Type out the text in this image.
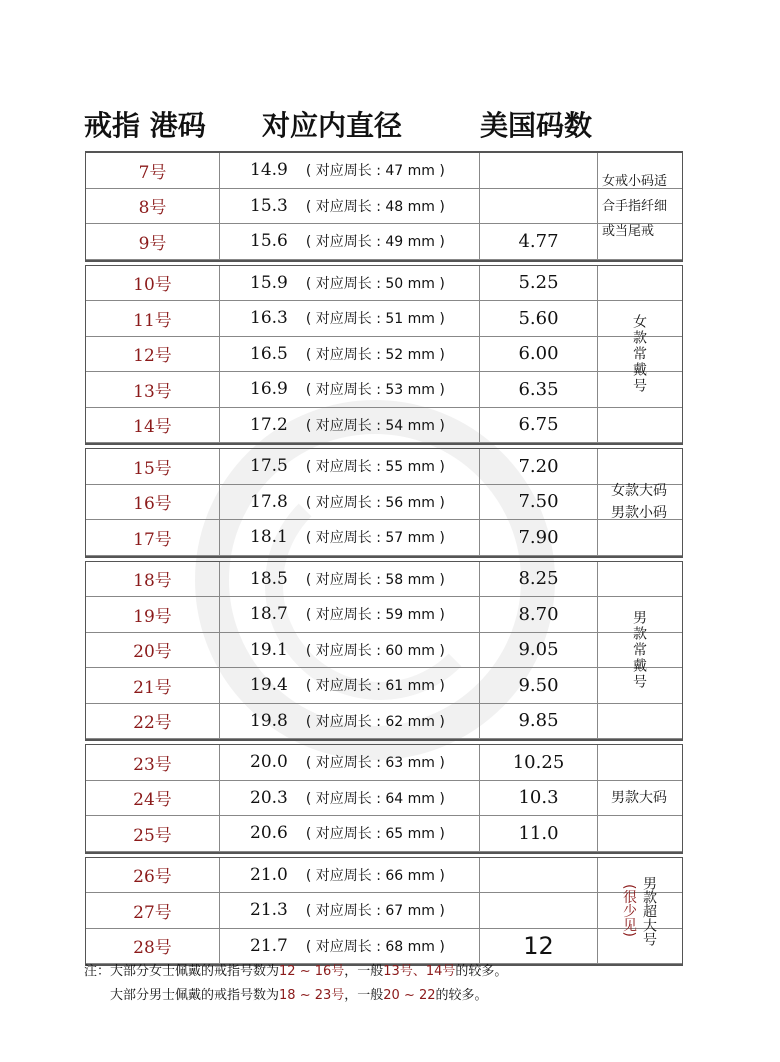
戒指 港码 对应内直径	美国码数
7号	14.9 ( 对应周长 : 47 mm )
8号	15.3 ( 对应周长 : 48 mm )
9号	15.6 ( 对应周长 : 49 mm )	4.77
女戒小码适合手指纤细或当尾戒
10号	15.9 ( 对应周长 : 50 mm )	5.25
11号	16.3 ( 对应周长 : 51 mm )	5.60
12号	16.5 ( 对应周长 : 52 mm )	6.00
13号	16.9 ( 对应周长 : 53 mm )	6.35
14号	17.2 ( 对应周长 : 54 mm )	6.75
女款常戴号
15号	17.5 ( 对应周长 : 55 mm )	7.20
16号	17.8 ( 对应周长 : 56 mm )	7.50
17号	18.1 ( 对应周长 : 57 mm )	7.90
女款大码男款小码
18号	18.5 ( 对应周长 : 58 mm )	8.25
19号	18.7 ( 对应周长 : 59 mm )	8.70
20号	19.1 ( 对应周长 : 60 mm )	9.05
21号	19.4 ( 对应周长 : 61 mm )	9.50
22号	19.8 ( 对应周长 : 62 mm )	9.85
男款常戴号
23号	20.0 ( 对应周长 : 63 mm )	10.25
24号	20.3 ( 对应周长 : 64 mm )	10.3
25号	20.6 ( 对应周长 : 65 mm )	11.0
男款大码
26号	21.0 ( 对应周长 : 66 mm )
27号	21.3 ( 对应周长 : 67 mm )
28号	21.7 ( 对应周长 : 68 mm )	12	男款超大号
(很少见)
注：大部分女士佩戴的戒指号数为12 ~ 16号，一般13号、14号的较多。
大部分男士佩戴的戒指号数为18 ~ 23号，一般20 ~ 22的较多。
